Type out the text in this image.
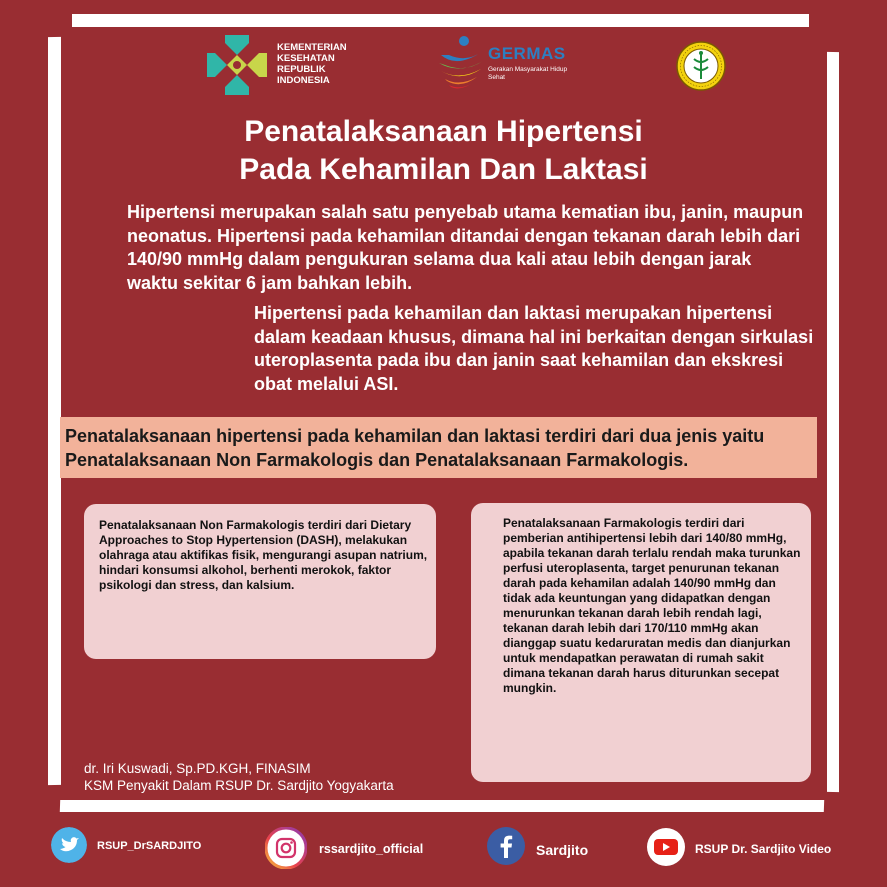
KEMENTERIAN
KESEHATAN
REPUBLIK
INDONESIA
GERMAS
Gerakan Masyarakat Hidup Sehat
Penatalaksanaan Hipertensi
Pada Kehamilan Dan Laktasi
Hipertensi merupakan salah satu penyebab utama kematian ibu, janin, maupun neonatus. Hipertensi pada kehamilan ditandai dengan tekanan darah lebih dari 140/90 mmHg dalam pengukuran selama dua kali atau lebih dengan jarak waktu sekitar 6 jam bahkan lebih.
Hipertensi pada kehamilan dan laktasi merupakan hipertensi dalam keadaan khusus, dimana hal ini berkaitan dengan sirkulasi uteroplasenta pada ibu dan janin saat kehamilan dan ekskresi obat melalui ASI.
Penatalaksanaan hipertensi pada kehamilan dan laktasi terdiri dari dua jenis yaitu Penatalaksanaan Non Farmakologis dan Penatalaksanaan Farmakologis.
Penatalaksanaan Non Farmakologis terdiri dari Dietary Approaches to Stop Hypertension (DASH), melakukan olahraga atau aktifikas fisik, mengurangi asupan natrium, hindari konsumsi alkohol, berhenti merokok, faktor psikologi dan stress, dan kalsium.
Penatalaksanaan Farmakologis terdiri dari pemberian antihipertensi lebih dari 140/80 mmHg, apabila tekanan darah terlalu rendah maka turunkan perfusi uteroplasenta, target penurunan tekanan darah pada kehamilan adalah 140/90 mmHg dan tidak ada keuntungan yang didapatkan dengan menurunkan tekanan darah lebih rendah lagi, tekanan darah lebih dari 170/110 mmHg akan dianggap suatu kedaruratan medis dan dianjurkan untuk mendapatkan perawatan di rumah sakit dimana tekanan darah harus diturunkan secepat mungkin.
dr. Iri Kuswadi, Sp.PD.KGH, FINASIM
KSM Penyakit Dalam RSUP Dr. Sardjito Yogyakarta
RSUP_DrSARDJITO	rssardjito_official	Sardjito	RSUP Dr. Sardjito Video
